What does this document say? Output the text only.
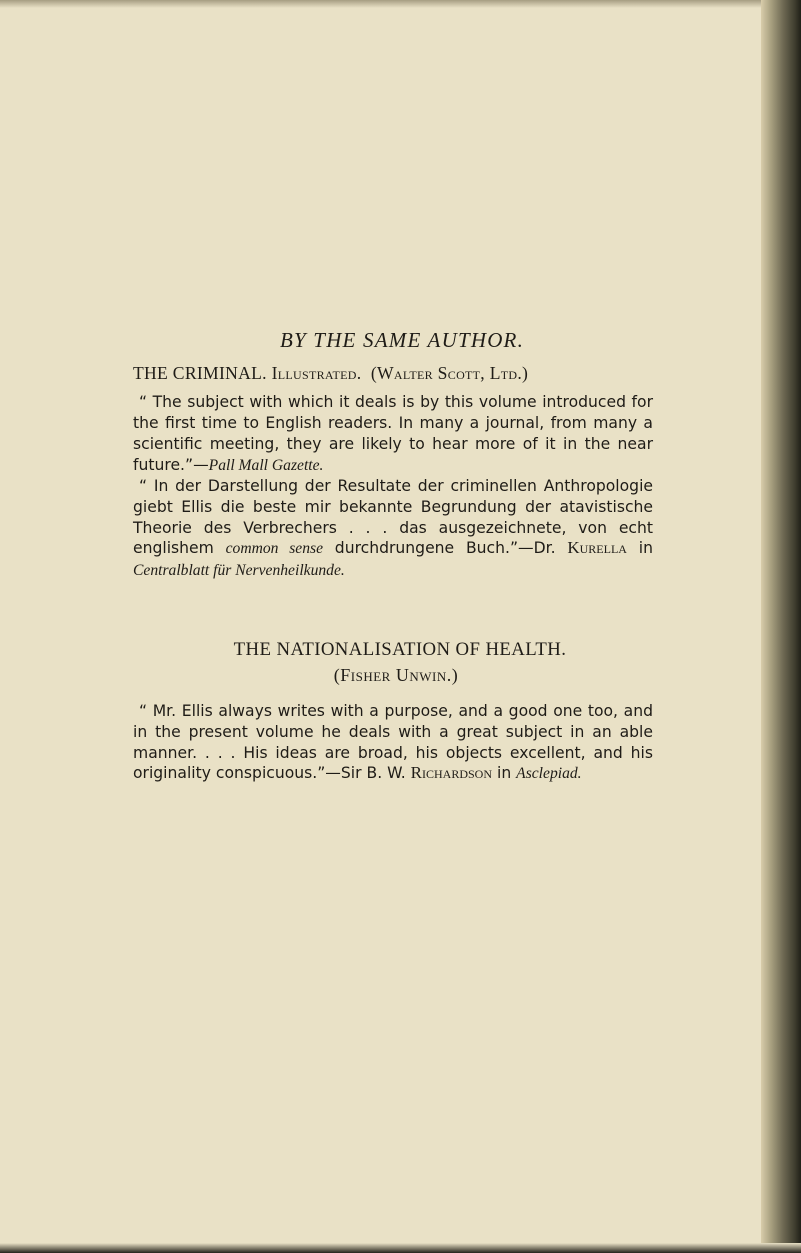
BY THE SAME AUTHOR.
THE CRIMINAL. Illustrated. (Walter Scott, Ltd.)
“ The subject with which it deals is by this volume introduced for the first time to English readers. In many a journal, from many a scientific meeting, they are likely to hear more of it in the near future.”—Pall Mall Gazette.
“ In der Darstellung der Resultate der criminellen Anthropologie giebt Ellis die beste mir bekannte Begrundung der atavistische Theorie des Verbrechers . . . das ausgezeichnete, von echt englishem common sense durchdrungene Buch.”—Dr. Kurella in Centralblatt für Nervenheilkunde.
THE NATIONALISATION OF HEALTH.
(Fisher Unwin.)
“ Mr. Ellis always writes with a purpose, and a good one too, and in the present volume he deals with a great subject in an able manner. . . . His ideas are broad, his objects excellent, and his originality conspicuous.”—Sir B. W. Richardson in Asclepiad.
